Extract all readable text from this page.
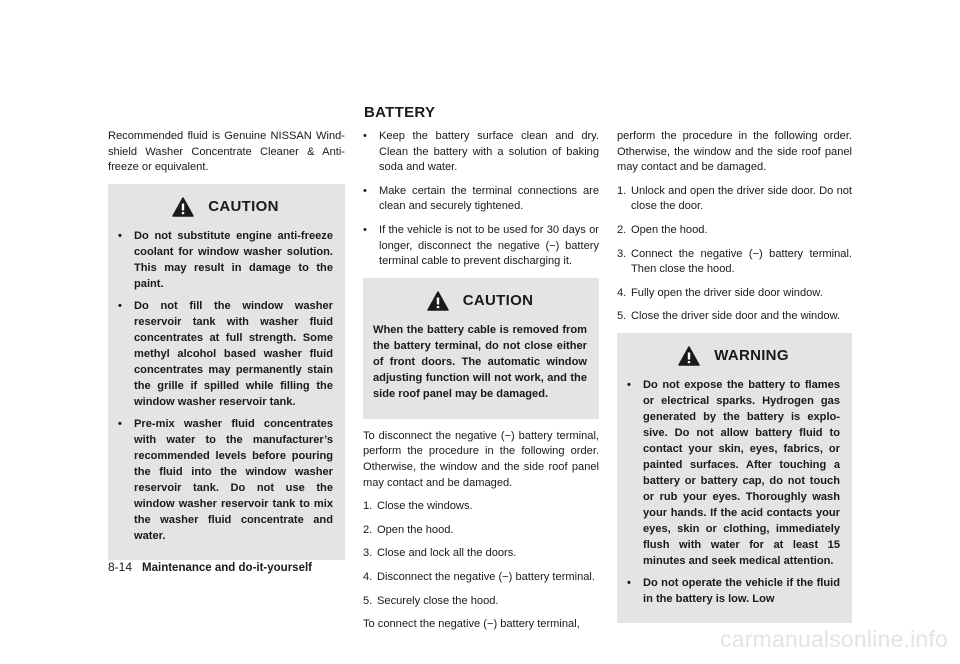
BATTERY

Recommended fluid is Genuine NISSAN Wind-shield Washer Concentrate Cleaner & Anti-freeze or equivalent.

CAUTION
• Do not substitute engine anti-freeze coolant for window washer solution. This may result in damage to the paint.
• Do not fill the window washer reservoir tank with washer fluid concentrates at full strength. Some methyl alcohol based washer fluid concentrates may permanently stain the grille if spilled while filling the window washer reservoir tank.
• Pre-mix washer fluid concentrates with water to the manufacturer’s recommended levels before pouring the fluid into the window washer reservoir tank. Do not use the window washer reservoir tank to mix the washer fluid concentrate and water.
• Keep the battery surface clean and dry. Clean the battery with a solution of baking soda and water.
• Make certain the terminal connections are clean and securely tightened.
• If the vehicle is not to be used for 30 days or longer, disconnect the negative (−) battery terminal cable to prevent discharging it.
CAUTION
When the battery cable is removed from the battery terminal, do not close either of front doors. The automatic window adjusting function will not work, and the side roof panel may be damaged.

To disconnect the negative (−) battery terminal, perform the procedure in the following order. Otherwise, the window and the side roof panel may contact and be damaged.

1. Close the windows.
2. Open the hood.
3. Close and lock all the doors.
4. Disconnect the negative (−) battery terminal.
5. Securely close the hood.

To connect the negative (−) battery terminal,

perform the procedure in the following order. Otherwise, the window and the side roof panel may contact and be damaged.

1. Unlock and open the driver side door. Do not close the door.
2. Open the hood.
3. Connect the negative (−) battery terminal. Then close the hood.
4. Fully open the driver side door window.
5. Close the driver side door and the window.
WARNING
• Do not expose the battery to flames or electrical sparks. Hydrogen gas generated by the battery is explo-sive. Do not allow battery fluid to contact your skin, eyes, fabrics, or painted surfaces. After touching a battery or battery cap, do not touch or rub your eyes. Thoroughly wash your hands. If the acid contacts your eyes, skin or clothing, immediately flush with water for at least 15 minutes and seek medical attention.
• Do not operate the vehicle if the fluid in the battery is low. Low
8-14 Maintenance and do-it-yourself
carmanualsonline.info
